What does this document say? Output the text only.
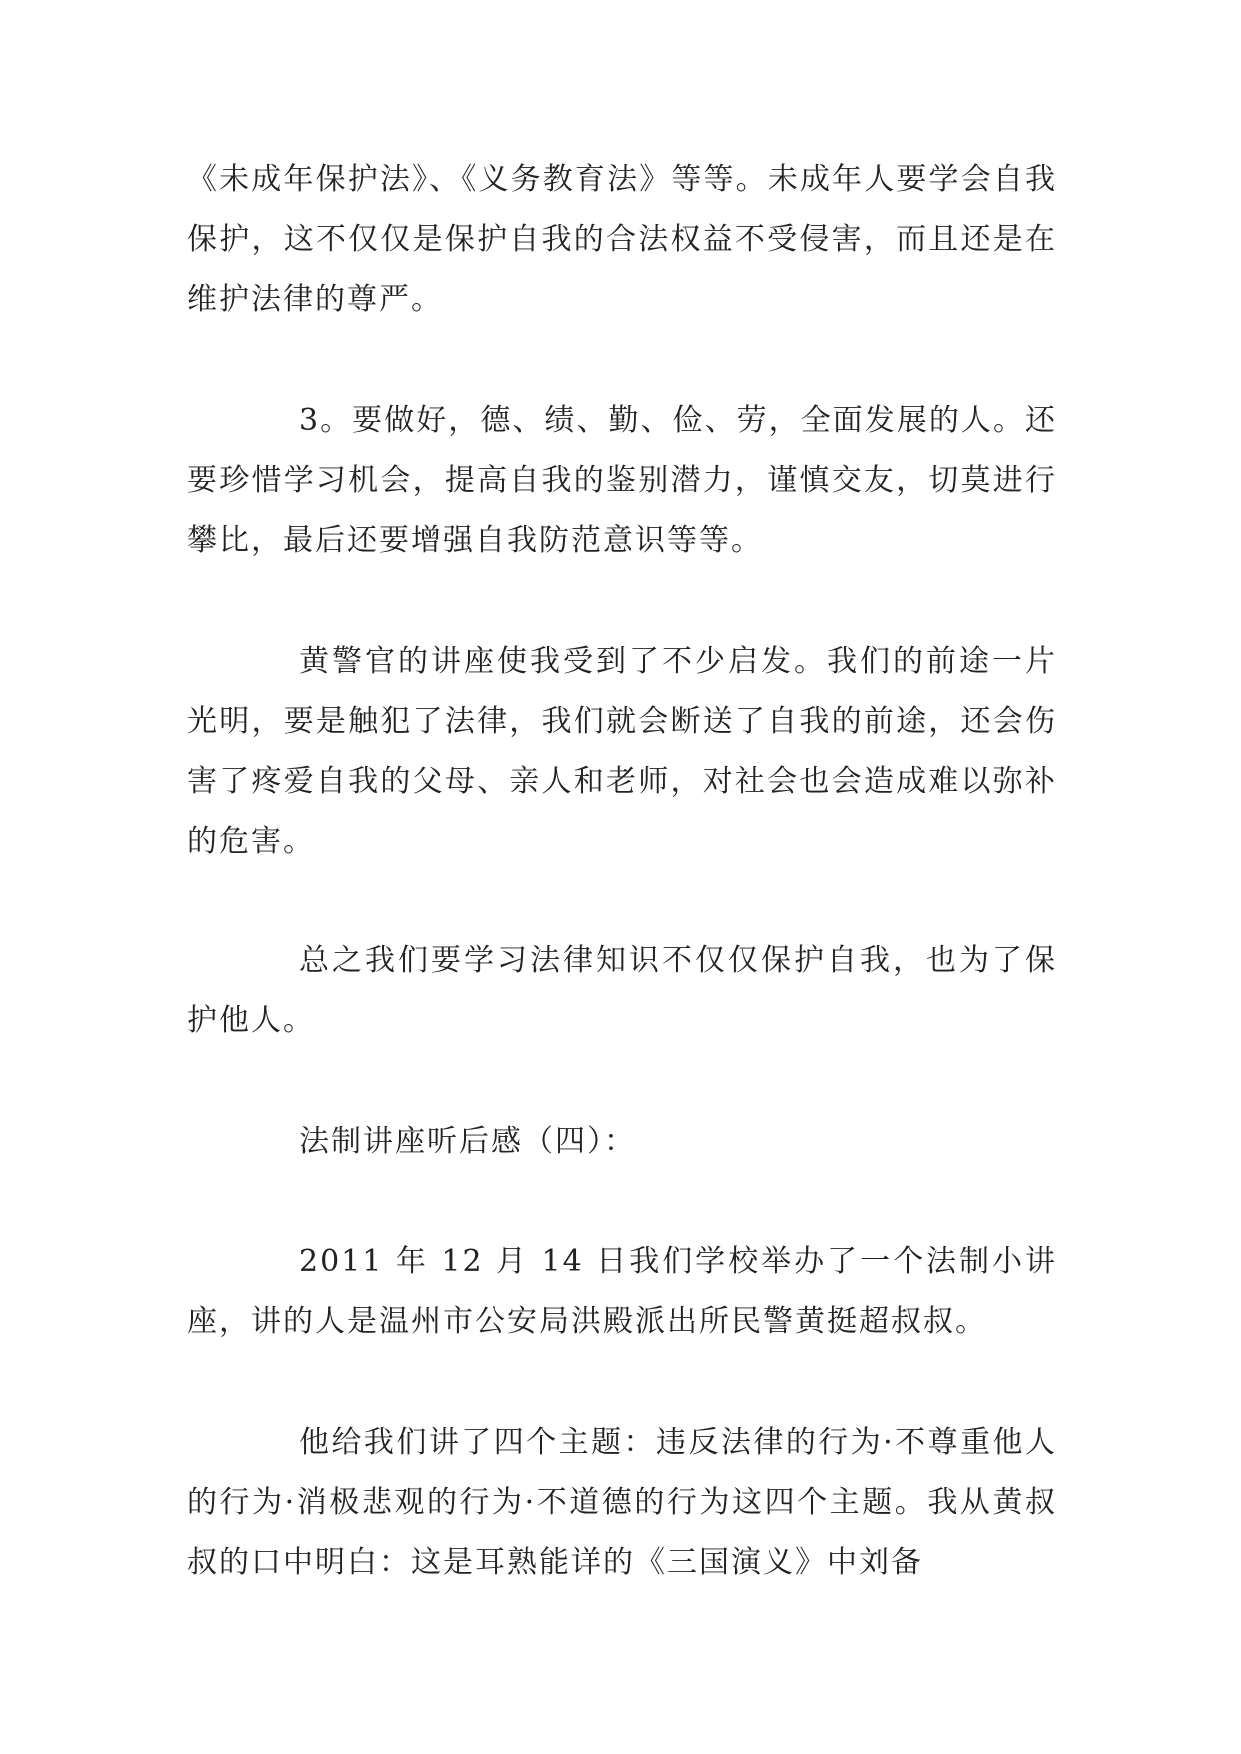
《未成年保护法》、《义务教育法》等等。未成年人要学会自我保护，这不仅仅是保护自我的合法权益不受侵害，而且还是在维护法律的尊严。

3。要做好，德、绩、勤、俭、劳，全面发展的人。还要珍惜学习机会，提高自我的鉴别潜力，谨慎交友，切莫进行攀比，最后还要增强自我防范意识等等。

黄警官的讲座使我受到了不少启发。我们的前途一片光明，要是触犯了法律，我们就会断送了自我的前途，还会伤害了疼爱自我的父母、亲人和老师，对社会也会造成难以弥补的危害。

总之我们要学习法律知识不仅仅保护自我，也为了保护他人。

法制讲座听后感（四）：

2011 年 12 月 14 日我们学校举办了一个法制小讲座，讲的人是温州市公安局洪殿派出所民警黄挺超叔叔。

他给我们讲了四个主题：违反法律的行为·不尊重他人的行为·消极悲观的行为·不道德的行为这四个主题。我从黄叔叔的口中明白：这是耳熟能详的《三国演义》中刘备
